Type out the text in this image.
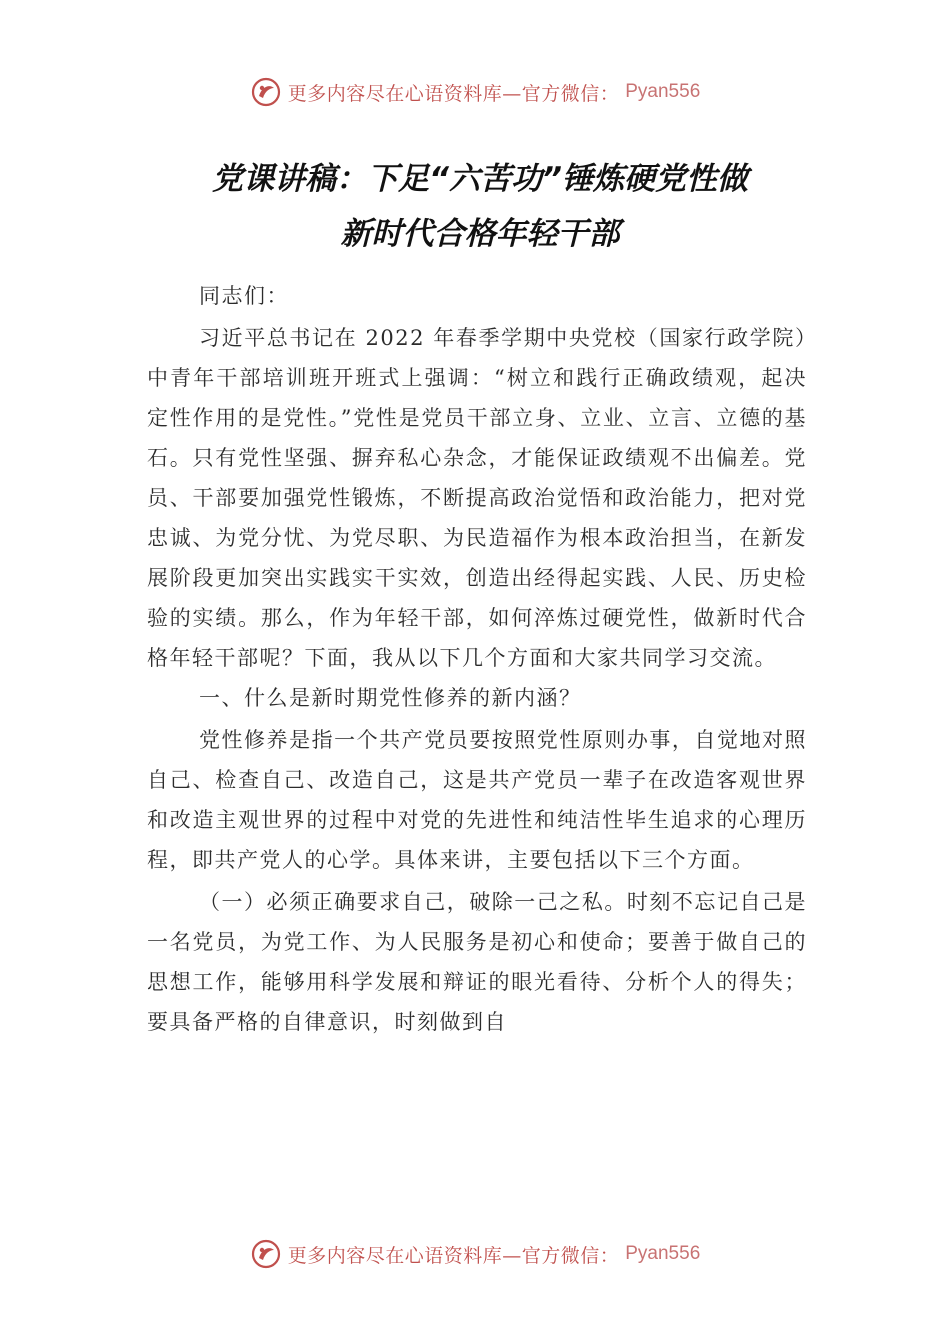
更多内容尽在心语资料库—官方微信： Pyan556
党课讲稿：下足“六苦功”锤炼硬党性做
新时代合格年轻干部

同志们：

习近平总书记在 2022 年春季学期中央党校（国家行政学院）中青年干部培训班开班式上强调：“树立和践行正确政绩观，起决定性作用的是党性。”党性是党员干部立身、立业、立言、立德的基石。只有党性坚强、摒弃私心杂念，才能保证政绩观不出偏差。党员、干部要加强党性锻炼，不断提高政治觉悟和政治能力，把对党忠诚、为党分忧、为党尽职、为民造福作为根本政治担当，在新发展阶段更加突出实践实干实效，创造出经得起实践、人民、历史检验的实绩。那么，作为年轻干部，如何淬炼过硬党性，做新时代合格年轻干部呢？下面，我从以下几个方面和大家共同学习交流。

一、什么是新时期党性修养的新内涵？

党性修养是指一个共产党员要按照党性原则办事，自觉地对照自己、检查自己、改造自己，这是共产党员一辈子在改造客观世界和改造主观世界的过程中对党的先进性和纯洁性毕生追求的心理历程，即共产党人的心学。具体来讲，主要包括以下三个方面。

（一）必须正确要求自己，破除一己之私。时刻不忘记自己是一名党员，为党工作、为人民服务是初心和使命；要善于做自己的思想工作，能够用科学发展和辩证的眼光看待、分析个人的得失；要具备严格的自律意识，时刻做到自

更多内容尽在心语资料库—官方微信： Pyan556
